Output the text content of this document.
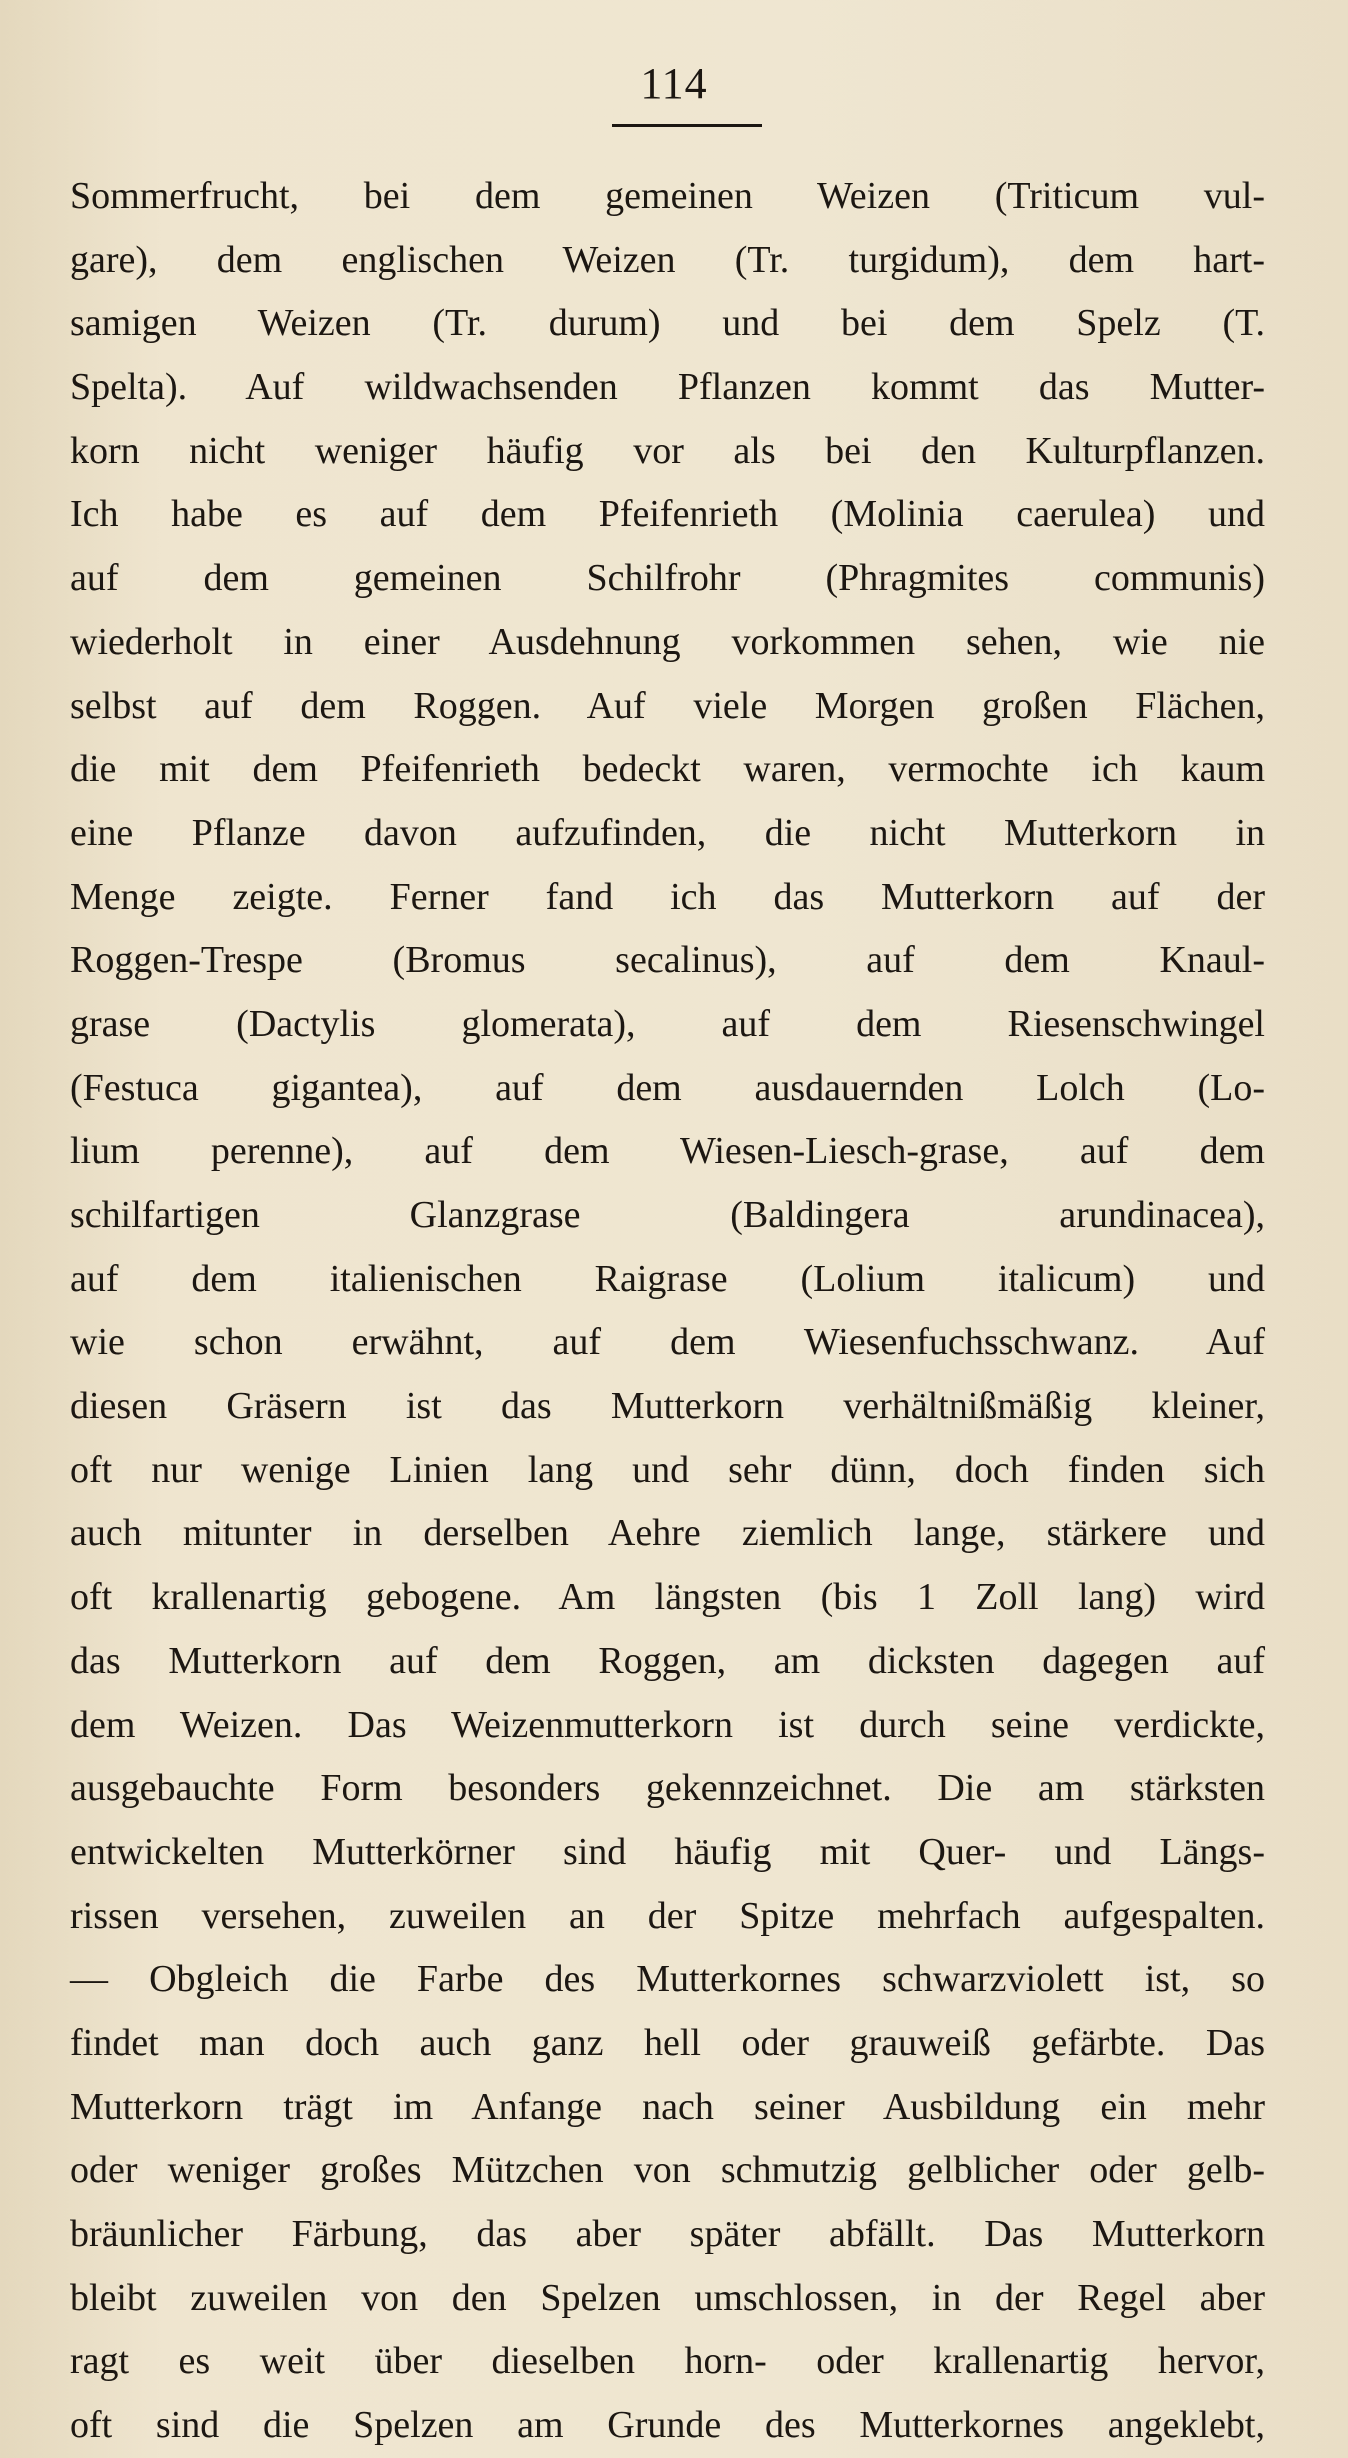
114
Sommerfrucht, bei dem gemeinen Weizen (Triticum vul-
gare), dem englischen Weizen (Tr. turgidum), dem hart-
samigen Weizen (Tr. durum) und bei dem Spelz (T.
Spelta). Auf wildwachsenden Pflanzen kommt das Mutter-
korn nicht weniger häufig vor als bei den Kulturpflanzen.
Ich habe es auf dem Pfeifenrieth (Molinia caerulea) und
auf dem gemeinen Schilfrohr (Phragmites communis)
wiederholt in einer Ausdehnung vorkommen sehen, wie nie
selbst auf dem Roggen. Auf viele Morgen großen Flächen,
die mit dem Pfeifenrieth bedeckt waren, vermochte ich kaum
eine Pflanze davon aufzufinden, die nicht Mutterkorn in
Menge zeigte. Ferner fand ich das Mutterkorn auf der
Roggen-Trespe (Bromus secalinus), auf dem Knaul-
grase (Dactylis glomerata), auf dem Riesenschwingel
(Festuca gigantea), auf dem ausdauernden Lolch (Lo-
lium perenne), auf dem Wiesen-Liesch-grase, auf dem
schilfartigen Glanzgrase (Baldingera arundinacea),
auf dem italienischen Raigrase (Lolium italicum) und
wie schon erwähnt, auf dem Wiesenfuchsschwanz. Auf
diesen Gräsern ist das Mutterkorn verhältnißmäßig kleiner,
oft nur wenige Linien lang und sehr dünn, doch finden sich
auch mitunter in derselben Aehre ziemlich lange, stärkere und
oft krallenartig gebogene. Am längsten (bis 1 Zoll lang) wird
das Mutterkorn auf dem Roggen, am dicksten dagegen auf
dem Weizen. Das Weizenmutterkorn ist durch seine verdickte,
ausgebauchte Form besonders gekennzeichnet. Die am stärksten
entwickelten Mutterkörner sind häufig mit Quer- und Längs-
rissen versehen, zuweilen an der Spitze mehrfach aufgespalten.
— Obgleich die Farbe des Mutterkornes schwarzviolett ist, so
findet man doch auch ganz hell oder grauweiß gefärbte. Das
Mutterkorn trägt im Anfange nach seiner Ausbildung ein mehr
oder weniger großes Mützchen von schmutzig gelblicher oder gelb-
bräunlicher Färbung, das aber später abfällt. Das Mutterkorn
bleibt zuweilen von den Spelzen umschlossen, in der Regel aber
ragt es weit über dieselben horn- oder krallenartig hervor,
oft sind die Spelzen am Grunde des Mutterkornes angeklebt,
